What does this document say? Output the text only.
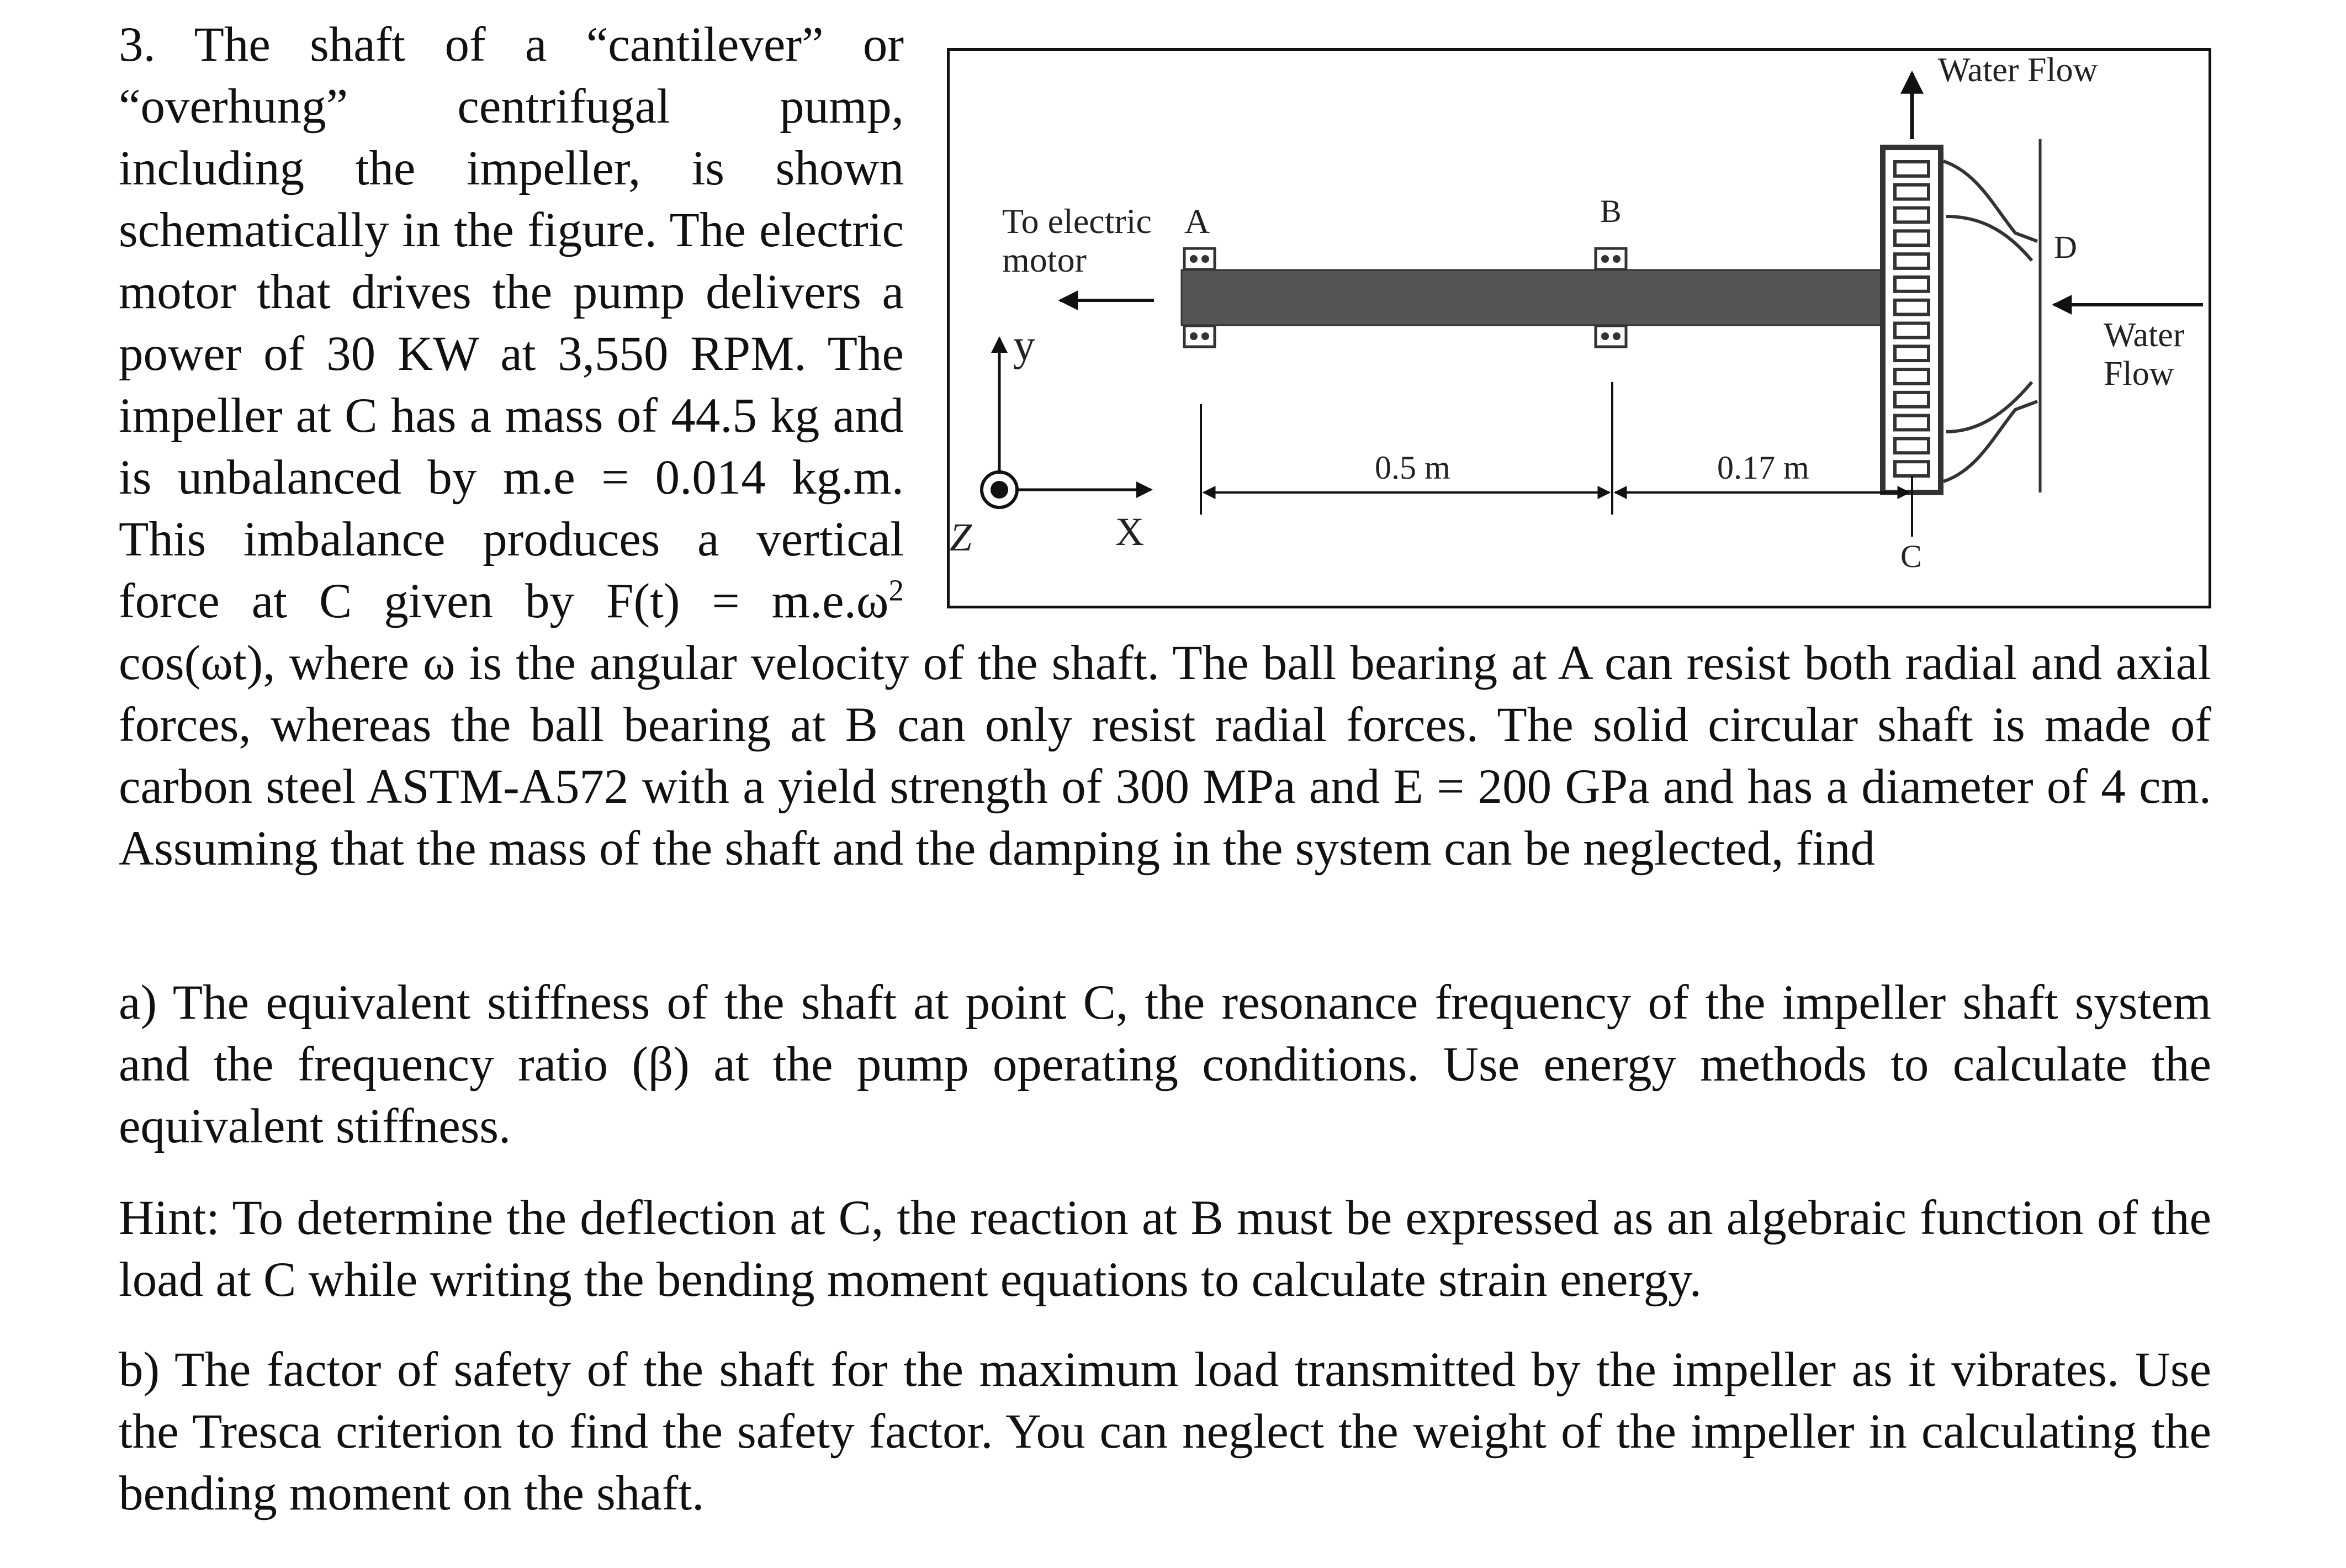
Water Flow
To electric
motor
A	B
C
D
Water
Flow
y
X
Z
0.5 m	0.17 m
3. The shaft of a “cantilever” or “overhung” centrifugal pump, including the impeller, is shown schematically in the figure. The electric motor that drives the pump delivers a power of 30 KW at 3,550 RPM. The impeller at C has a mass of 44.5 kg and is unbalanced by m.e = 0.014 kg.m. This imbalance produces a vertical force at C given by $F(t) = m.e.\omega^2$ cos(ωt), where ω is the angular velocity of the shaft. The ball bearing at A can resist both radial and axial forces, whereas the ball bearing at B can only resist radial forces. The solid circular shaft is made of carbon steel ASTM-A572 with a yield strength of 300 MPa and E = 200 GPa and has a diameter of 4 cm. Assuming that the mass of the shaft and the damping in the system can be neglected, find

a) The equivalent stiffness of the shaft at point C, the resonance frequency of the impeller shaft system and the frequency ratio (β) at the pump operating conditions. Use energy methods to calculate the equivalent stiffness.

Hint: To determine the deflection at C, the reaction at B must be expressed as an algebraic function of the load at C while writing the bending moment equations to calculate strain energy.

b) The factor of safety of the shaft for the maximum load transmitted by the impeller as it vibrates. Use the Tresca criterion to find the safety factor. You can neglect the weight of the impeller in calculating the bending moment on the shaft.
